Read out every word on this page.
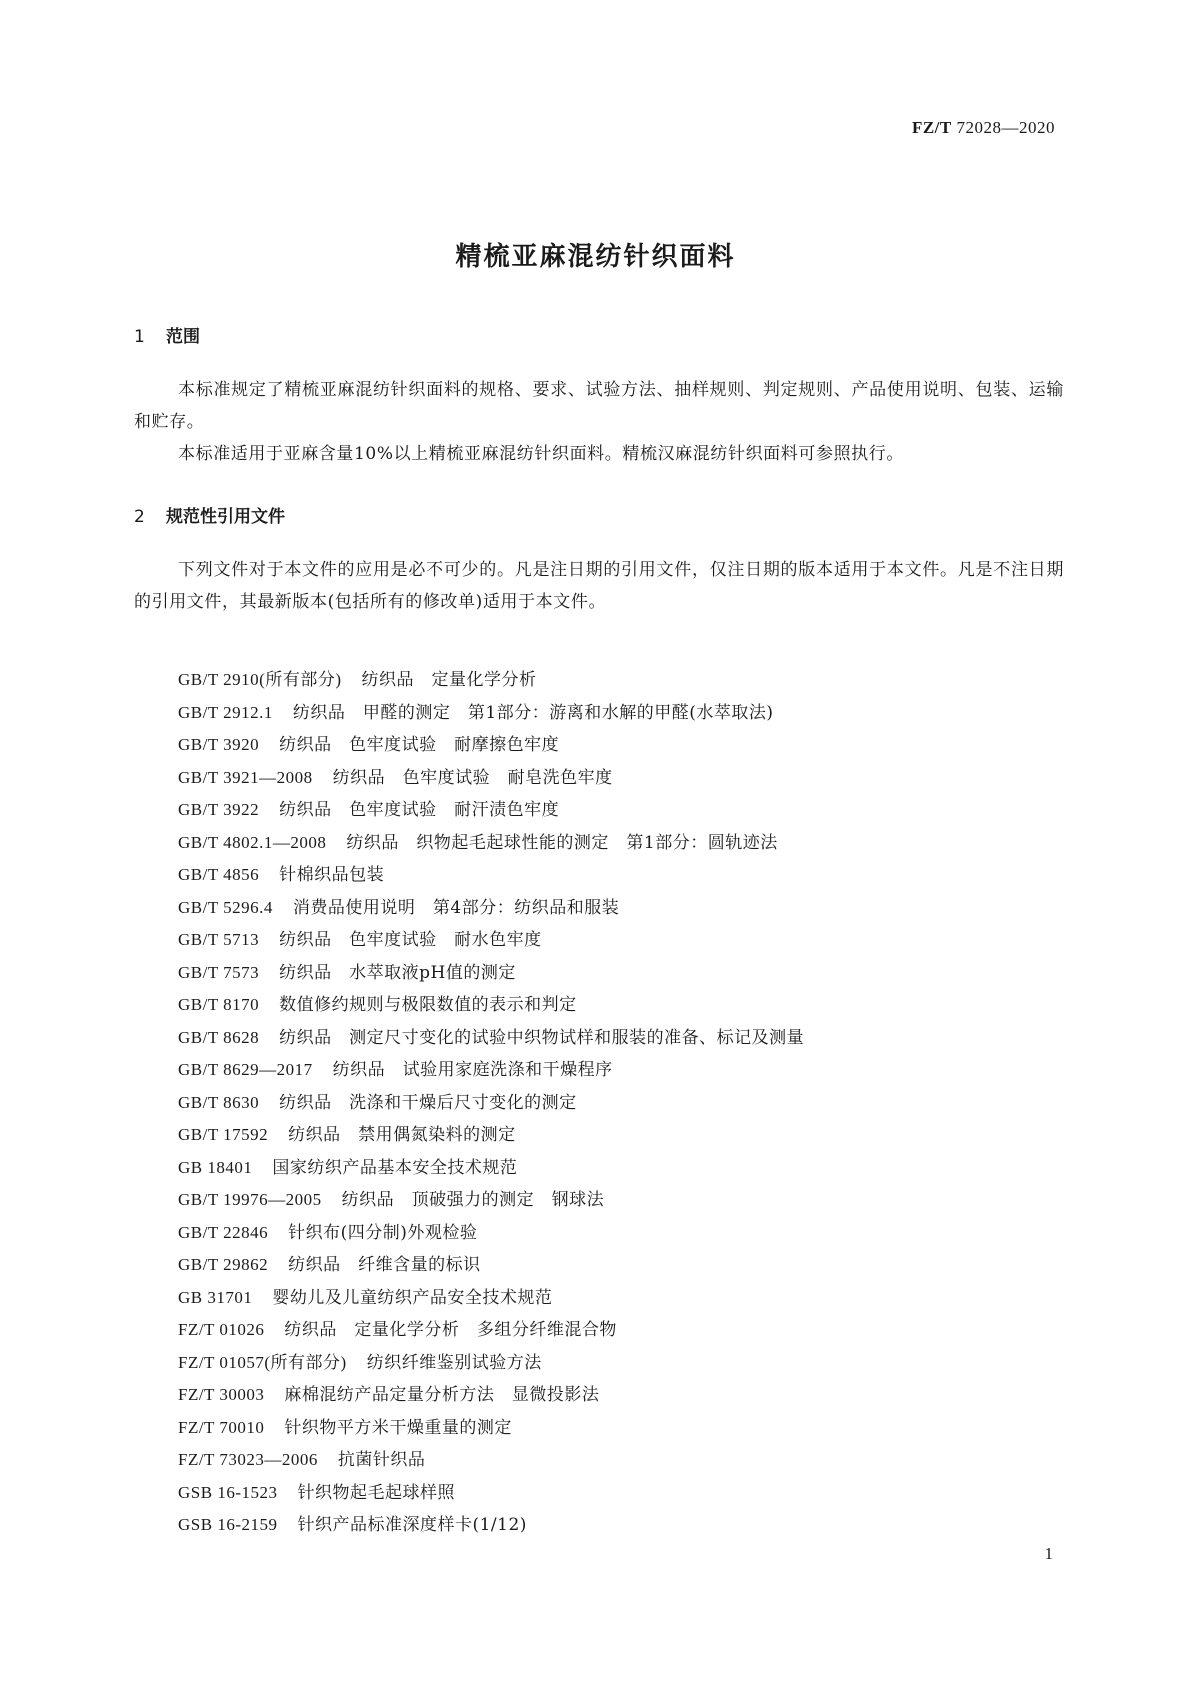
FZ/T 72028—2020
精梳亚麻混纺针织面料
1 范围

本标准规定了精梳亚麻混纺针织面料的规格、要求、试验方法、抽样规则、判定规则、产品使用说明、包装、运输和贮存。

本标准适用于亚麻含量10%以上精梳亚麻混纺针织面料。精梳汉麻混纺针织面料可参照执行。

2 规范性引用文件

下列文件对于本文件的应用是必不可少的。凡是注日期的引用文件，仅注日期的版本适用于本文件。凡是不注日期的引用文件，其最新版本(包括所有的修改单)适用于本文件。

GB/T 2910(所有部分) 纺织品　定量化学分析
GB/T 2912.1 纺织品　甲醛的测定　第1部分：游离和水解的甲醛(水萃取法)
GB/T 3920 纺织品　色牢度试验　耐摩擦色牢度
GB/T 3921—2008 纺织品　色牢度试验　耐皂洗色牢度
GB/T 3922 纺织品　色牢度试验　耐汗渍色牢度
GB/T 4802.1—2008 纺织品　织物起毛起球性能的测定　第1部分：圆轨迹法
GB/T 4856 针棉织品包装
GB/T 5296.4 消费品使用说明　第4部分：纺织品和服装
GB/T 5713 纺织品　色牢度试验　耐水色牢度
GB/T 7573 纺织品　水萃取液pH值的测定
GB/T 8170 数值修约规则与极限数值的表示和判定
GB/T 8628 纺织品　测定尺寸变化的试验中织物试样和服装的准备、标记及测量
GB/T 8629—2017 纺织品　试验用家庭洗涤和干燥程序
GB/T 8630 纺织品　洗涤和干燥后尺寸变化的测定
GB/T 17592 纺织品　禁用偶氮染料的测定
GB 18401 国家纺织产品基本安全技术规范
GB/T 19976—2005 纺织品　顶破强力的测定　钢球法
GB/T 22846 针织布(四分制)外观检验
GB/T 29862 纺织品　纤维含量的标识
GB 31701 婴幼儿及儿童纺织产品安全技术规范
FZ/T 01026 纺织品　定量化学分析　多组分纤维混合物
FZ/T 01057(所有部分) 纺织纤维鉴别试验方法
FZ/T 30003 麻棉混纺产品定量分析方法　显微投影法
FZ/T 70010 针织物平方米干燥重量的测定
FZ/T 73023—2006 抗菌针织品
GSB 16-1523 针织物起毛起球样照
GSB 16-2159 针织产品标准深度样卡(1/12)
1
